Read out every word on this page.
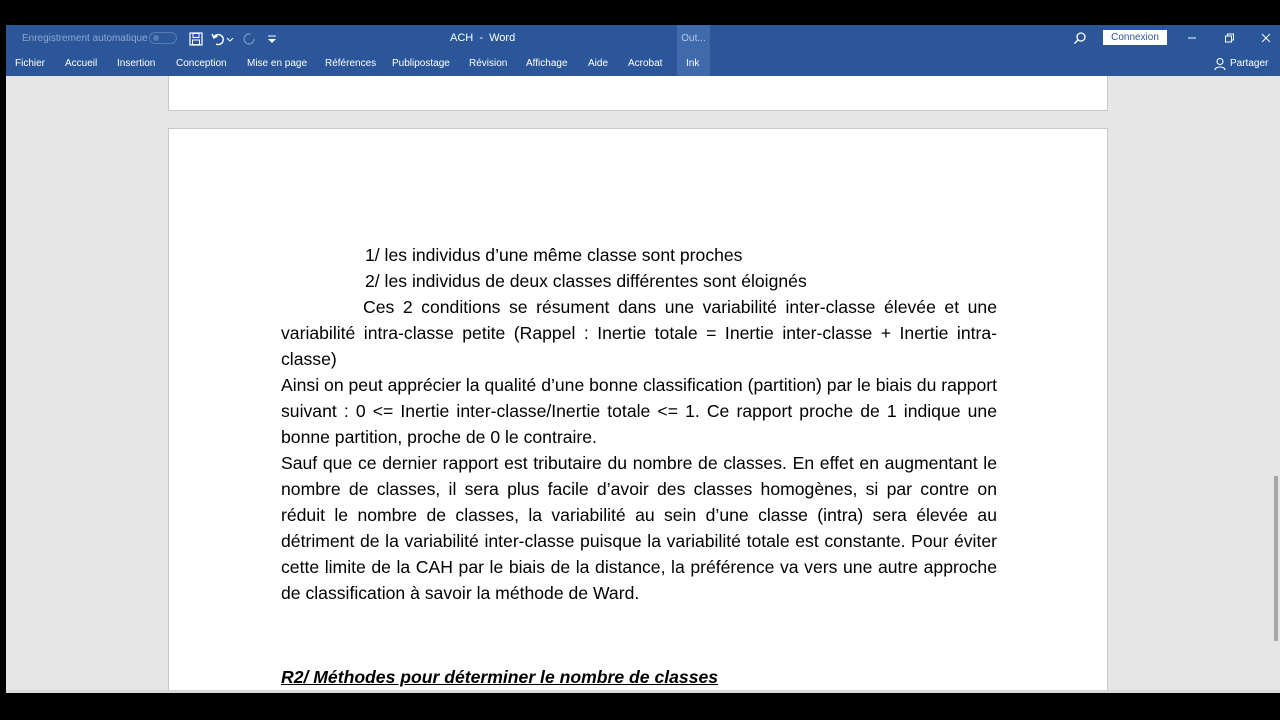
Enregistrement automatique	ACH  -  Word	Out...	Connexion
Fichier Accueil Insertion Conception Mise en page Références Publipostage Révision Affichage Aide Acrobat Ink	Partager

1/ les individus d’une même classe sont proches

2/ les individus de deux classes différentes sont éloignés

Ces 2 conditions se résument dans une variabilité inter-classe élevée et une variabilité intra-classe petite (Rappel : Inertie totale = Inertie inter-classe + Inertie intra-classe)

Ainsi on peut apprécier la qualité d’une bonne classification (partition) par le biais du rapport suivant : 0 <= Inertie inter-classe/Inertie totale <= 1. Ce rapport proche de 1 indique une bonne partition, proche de 0 le contraire.

Sauf que ce dernier rapport est tributaire du nombre de classes. En effet en augmentant le nombre de classes, il sera plus facile d’avoir des classes homogènes, si par contre on réduit le nombre de classes, la variabilité au sein d’une classe (intra) sera élevée au détriment de la variabilité inter-classe puisque la variabilité totale est constante. Pour éviter cette limite de la CAH par le biais de la distance, la préférence va vers une autre approche de classification à savoir la méthode de Ward.

R2/ Méthodes pour déterminer le nombre de classes
